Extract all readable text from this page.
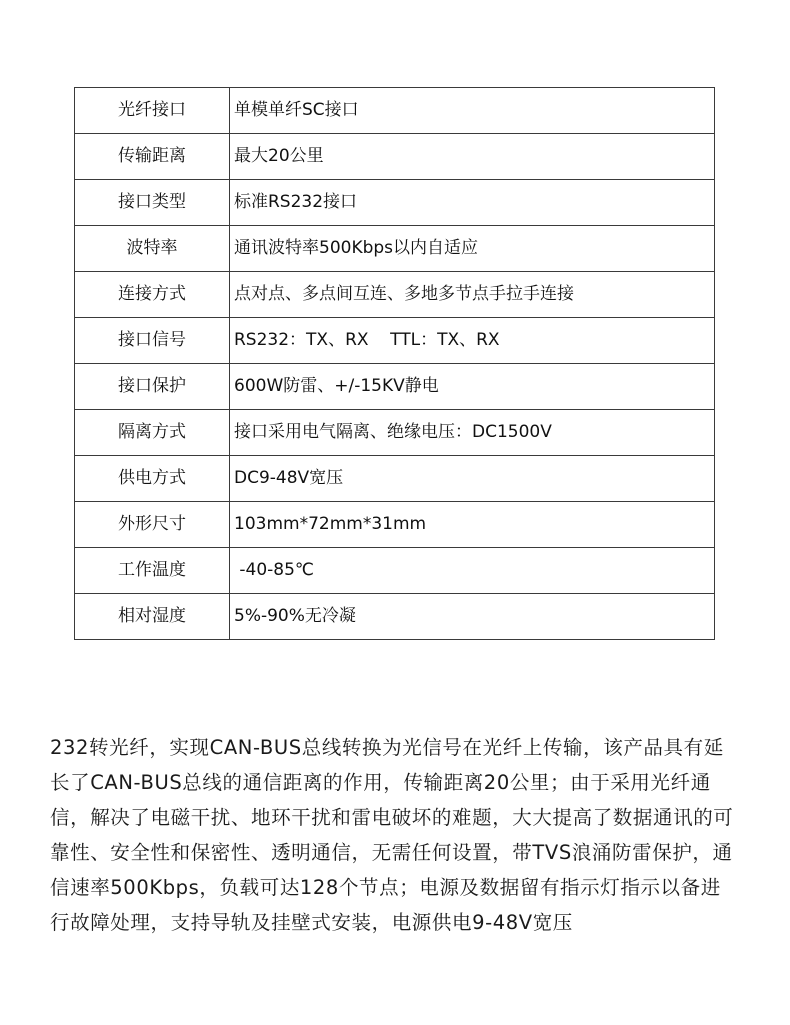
光纤接口	单模单纤SC接口
传输距离	最大20公里
接口类型	标准RS232接口
波特率	通讯波特率500Kbps以内自适应
连接方式	点对点、多点间互连、多地多节点手拉手连接
接口信号	RS232：TX、RX    TTL：TX、RX
接口保护	600W防雷、+/-15KV静电
隔离方式	接口采用电气隔离、绝缘电压：DC1500V
供电方式	DC9-48V宽压
外形尺寸	103mm*72mm*31mm
工作温度	-40-85℃
相对湿度	5%-90%无冷凝

232转光纤，实现CAN-BUS总线转换为光信号在光纤上传输，该产品具有延长了CAN-BUS总线的通信距离的作用，传输距离20公里；由于采用光纤通信，解决了电磁干扰、地环干扰和雷电破坏的难题，大大提高了数据通讯的可靠性、安全性和保密性、透明通信，无需任何设置，带TVS浪涌防雷保护，通信速率500Kbps，负载可达128个节点；电源及数据留有指示灯指示以备进行故障处理，支持导轨及挂壁式安装，电源供电9-48V宽压
